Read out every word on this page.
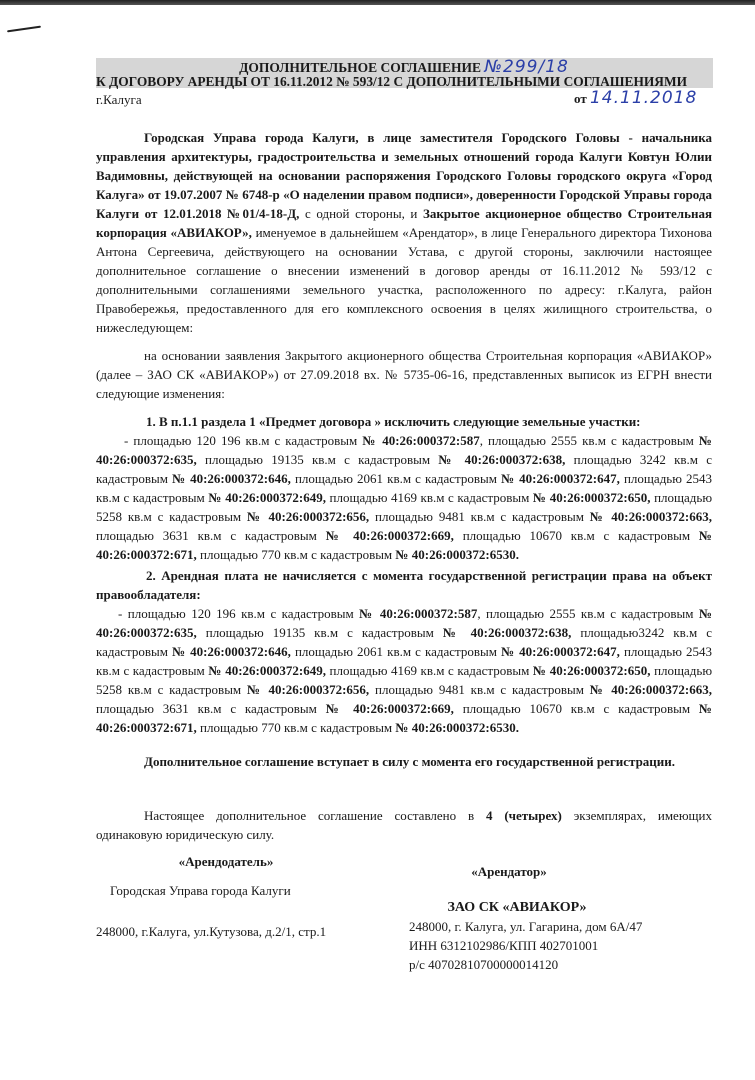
ДОПОЛНИТЕЛЬНОЕ СОГЛАШЕНИЕ №299/18
К ДОГОВОРУ АРЕНДЫ ОТ 16.11.2012 № 593/12 С ДОПОЛНИТЕЛЬНЫМИ СОГЛАШЕНИЯМИ
г.Калуга	от 14.11.2018
Городская Управа города Калуги, в лице заместителя Городского Головы - начальника управления архитектуры, градостроительства и земельных отношений города Калуги Ковтун Юлии Вадимовны, действующей на основании распоряжения Городского Головы городского округа «Город Калуга» от 19.07.2007 № 6748-р «О наделении правом подписи», доверенности Городской Управы города Калуги от 12.01.2018 №01/4-18-Д, с одной стороны, и Закрытое акционерное общество Строительная корпорация «АВИАКОР», именуемое в дальнейшем «Арендатор», в лице Генерального директора Тихонова Антона Сергеевича, действующего на основании Устава, с другой стороны, заключили настоящее дополнительное соглашение о внесении изменений в договор аренды от 16.11.2012 № 593/12 с дополнительными соглашениями земельного участка, расположенного по адресу: г.Калуга, район Правобережья, предоставленного для его комплексного освоения в целях жилищного строительства, о нижеследующем:
на основании заявления Закрытого акционерного общества Строительная корпорация «АВИАКОР» (далее – ЗАО СК «АВИАКОР») от 27.09.2018 вх. № 5735-06-16, представленных выписок из ЕГРН внести следующие изменения:
1. В п.1.1 раздела 1 «Предмет договора » исключить следующие земельные участки:
- площадью 120 196 кв.м с кадастровым № 40:26:000372:587, площадью 2555 кв.м с кадастровым № 40:26:000372:635, площадью 19135 кв.м с кадастровым № 40:26:000372:638, площадью 3242 кв.м с кадастровым № 40:26:000372:646, площадью 2061 кв.м с кадастровым № 40:26:000372:647, площадью 2543 кв.м с кадастровым № 40:26:000372:649, площадью 4169 кв.м с кадастровым № 40:26:000372:650, площадью 5258 кв.м с кадастровым № 40:26:000372:656, площадью 9481 кв.м с кадастровым № 40:26:000372:663, площадью 3631 кв.м с кадастровым № 40:26:000372:669, площадью 10670 кв.м с кадастровым № 40:26:000372:671, площадью 770 кв.м с кадастровым № 40:26:000372:6530.
2. Арендная плата не начисляется с момента государственной регистрации права на объект правообладателя:
- площадью 120 196 кв.м с кадастровым № 40:26:000372:587, площадью 2555 кв.м с кадастровым № 40:26:000372:635, площадью 19135 кв.м с кадастровым № 40:26:000372:638, площадью3242 кв.м с кадастровым № 40:26:000372:646, площадью 2061 кв.м с кадастровым № 40:26:000372:647, площадью 2543 кв.м с кадастровым № 40:26:000372:649, площадью 4169 кв.м с кадастровым № 40:26:000372:650, площадью 5258 кв.м с кадастровым № 40:26:000372:656, площадью 9481 кв.м с кадастровым № 40:26:000372:663, площадью 3631 кв.м с кадастровым № 40:26:000372:669, площадью 10670 кв.м с кадастровым № 40:26:000372:671, площадью 770 кв.м с кадастровым № 40:26:000372:6530.
Дополнительное соглашение вступает в силу с момента его государственной регистрации.
Настоящее дополнительное соглашение составлено в 4 (четырех) экземплярах, имеющих одинаковую юридическую силу.
«Арендодатель»
Городская Управа города Калуги
248000, г.Калуга, ул.Кутузова, д.2/1, стр.1
«Арендатор»
ЗАО СК «АВИАКОР»
248000, г. Калуга, ул. Гагарина, дом 6А/47
ИНН 6312102986/КПП 402701001
р/с 40702810700000014120
